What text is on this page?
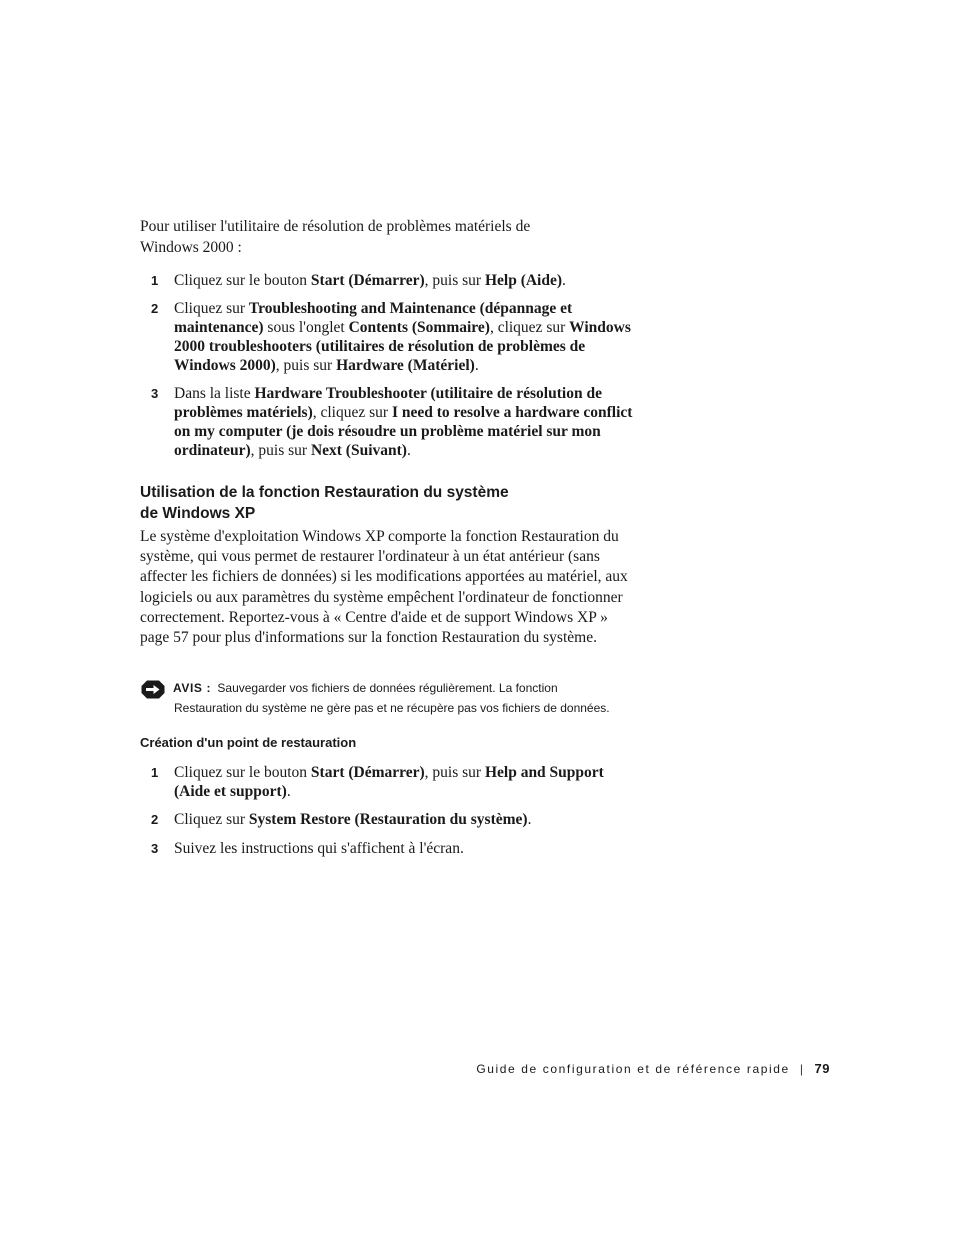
Pour utiliser l'utilitaire de résolution de problèmes matériels de Windows 2000 :

1 Cliquez sur le bouton Start (Démarrer), puis sur Help (Aide).
2 Cliquez sur Troubleshooting and Maintenance (dépannage et maintenance) sous l'onglet Contents (Sommaire), cliquez sur Windows 2000 troubleshooters (utilitaires de résolution de problèmes de Windows 2000), puis sur Hardware (Matériel).
3 Dans la liste Hardware Troubleshooter (utilitaire de résolution de problèmes matériels), cliquez sur I need to resolve a hardware conflict on my computer (je dois résoudre un problème matériel sur mon ordinateur), puis sur Next (Suivant).
Utilisation de la fonction Restauration du système
de Windows XP

Le système d'exploitation Windows XP comporte la fonction Restauration du système, qui vous permet de restaurer l'ordinateur à un état antérieur (sans affecter les fichiers de données) si les modifications apportées au matériel, aux logiciels ou aux paramètres du système empêchent l'ordinateur de fonctionner correctement. Reportez-vous à « Centre d'aide et de support Windows XP » page 57 pour plus d'informations sur la fonction Restauration du système.

AVIS : Sauvegarder vos fichiers de données régulièrement. La fonction
Restauration du système ne gère pas et ne récupère pas vos fichiers de données.
Création d'un point de restauration
1 Cliquez sur le bouton Start (Démarrer), puis sur Help and Support (Aide et support).
2 Cliquez sur System Restore (Restauration du système).
3 Suivez les instructions qui s'affichent à l'écran.
Guide de configuration et de référence rapide | 79
